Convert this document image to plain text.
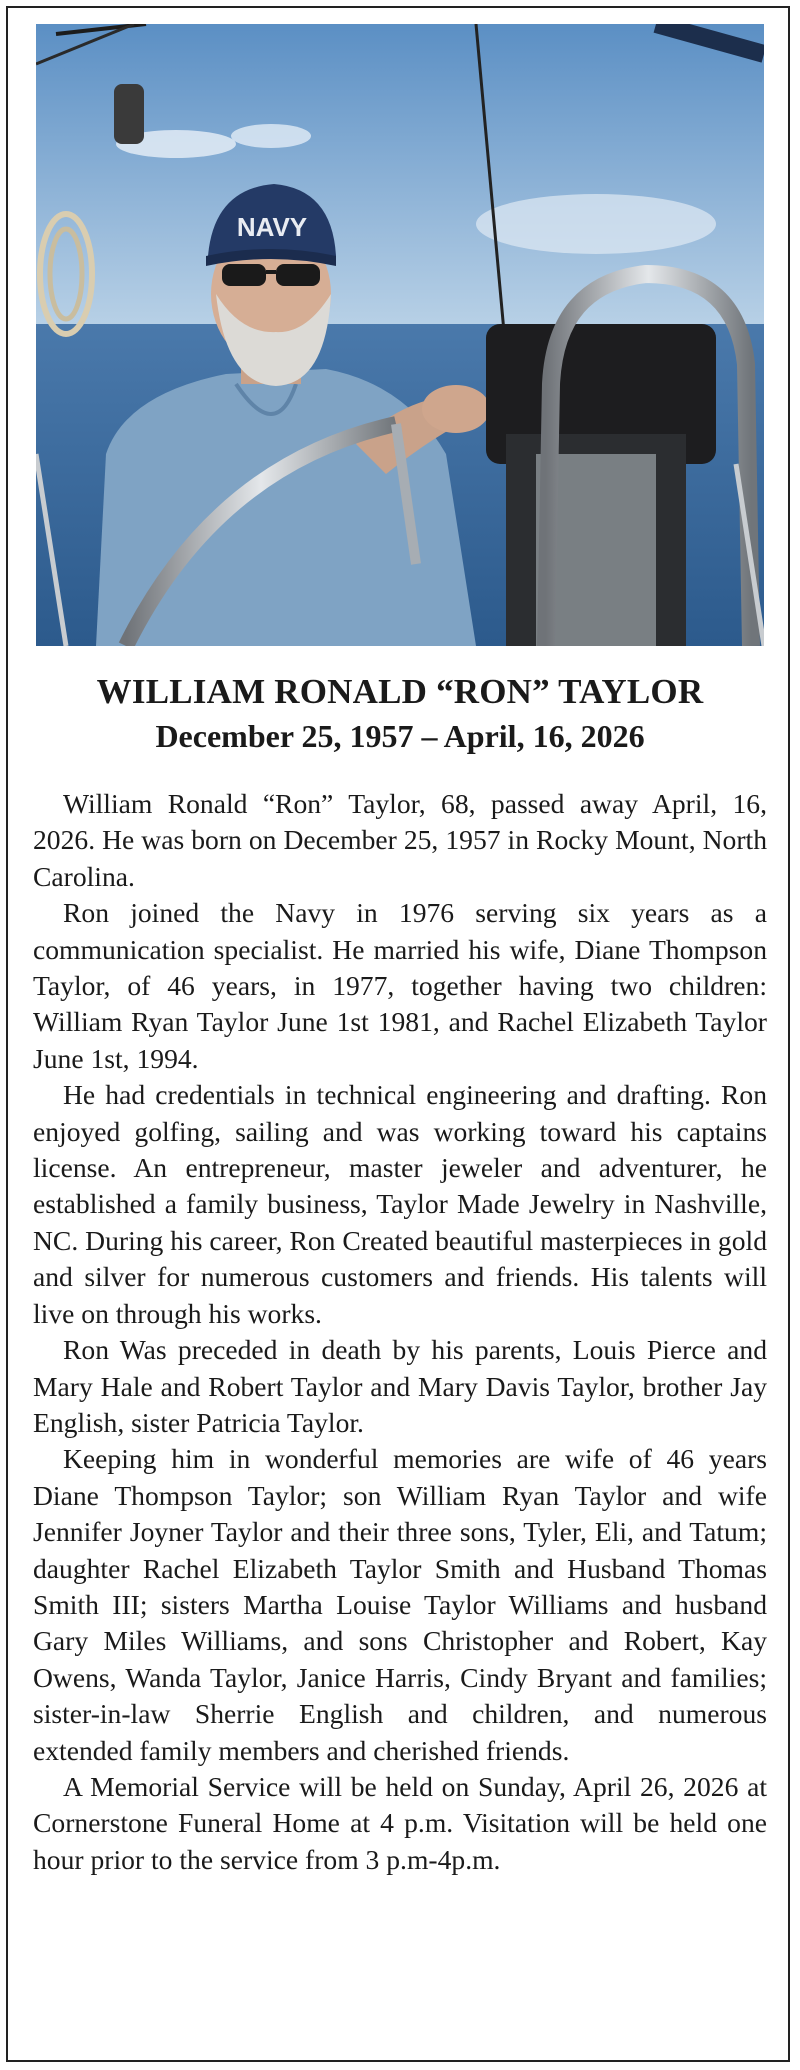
NAVY
WILLIAM RONALD “RON” TAYLOR
December 25, 1957 – April, 16, 2026

William Ronald “Ron” Taylor, 68, passed away April, 16, 2026. He was born on December 25, 1957 in Rocky Mount, North Carolina.

Ron joined the Navy in 1976 serving six years as a communication specialist. He married his wife, Diane Thompson Taylor, of 46 years, in 1977, together having two children: William Ryan Taylor June 1st 1981, and Rachel Elizabeth Taylor June 1st, 1994.

He had credentials in technical engineering and drafting. Ron enjoyed golfing, sailing and was working toward his captains license. An entrepreneur, master jeweler and adventurer, he established a family business, Taylor Made Jewelry in Nashville, NC. During his career, Ron Created beautiful masterpieces in gold and silver for numerous customers and friends. His talents will live on through his works.

Ron Was preceded in death by his parents, Louis Pierce and Mary Hale and Robert Taylor and Mary Davis Taylor, brother Jay English, sister Patricia Taylor.

Keeping him in wonderful memories are wife of 46 years Diane Thompson Taylor; son William Ryan Taylor and wife Jennifer Joyner Taylor and their three sons, Tyler, Eli, and Tatum; daughter Rachel Elizabeth Taylor Smith and Husband Thomas Smith III; sisters Martha Louise Taylor Williams and husband Gary Miles Williams, and sons Christopher and Robert, Kay Owens, Wanda Taylor, Janice Harris, Cindy Bryant and families; sister-in-law Sherrie English and children, and numerous extended family members and cherished friends.

A Memorial Service will be held on Sunday, April 26, 2026 at Cornerstone Funeral Home at 4 p.m. Visitation will be held one hour prior to the service from 3 p.m-4p.m.
